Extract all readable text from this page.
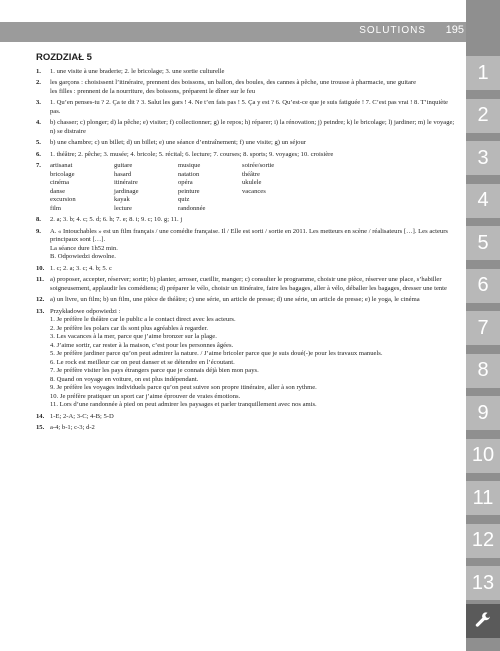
SOLUTIONS 195
1
2
3
4
5
6
7
8
9
10
11
12
13
ROZDZIAŁ 5
1.	1. une visite à une braderie; 2. le bricolage; 3. une sortie culturelle
2.	les garçons : choisissent l’itinéraire, prennent des boissons, un ballon, des boules, des cannes à pêche, une trousse à pharmacie, une guitare
les filles : prennent de la nourriture, des boissons, préparent le dîner sur le feu
3.	1. Qu’en penses-tu ? 2. Ça te dit ? 3. Salut les gars ! 4. Ne t’en fais pas ! 5. Ça y est ? 6. Qu’est-ce que je suis fatiguée ! 7. C’est pas vrai ! 8. T’inquiète pas.
4.	b) chasser; c) plonger; d) la pêche; e) visiter; f) collectionner; g) le repos; h) réparer; i) la rénovation; j) peindre; k) le bricolage; l) jardiner; m) le voyage; n) se distraire
5.	b) une chambre; c) un billet; d) un billet; e) une séance d’entraînement; f) une visite; g) un séjour
6.	1. théâtre; 2. pêche; 3. musée; 4. bricole; 5. récital; 6. lecture; 7. courses; 8. sports; 9. voyages; 10. croisière
7.	artisanat	guitare	musique	soirée/sortie
bricolage	hasard	natation	théâtre
cinéma	itinéraire	opéra	ukulele
danse	jardinage	peinture	vacances
excursion	kayak	quiz
film	lecture	randonnée
8.	2. a; 3. b; 4. c; 5. d; 6. h; 7. e; 8. i; 9. c; 10. g; 11. j
9.	A. « Intouchables » est un film français / une comédie française. Il / Elle est sorti / sortie en 2011. Les metteurs en scène / réalisateurs […]. Les acteurs principaux sont […].
La séance dure 1h52 min.
B. Odpowiedzi dowolne.
10. 1. c; 2. a; 3. c; 4. b; 5. c
11. a) proposer, accepter, réserver; sortir; b) planter, arroser, cueillir, manger; c) consulter le programme, choisir une pièce, réserver une place, s’habiller soigneusement, applaudir les comédiens; d) préparer le vélo, choisir un itinéraire, faire les bagages, aller à vélo, déballer les bagages, dresser une tente
12. a) un livre, un film; b) un film, une pièce de théâtre; c) une série, un article de presse; d) une série, un article de presse; e) le yoga, le cinéma
13. Przykładowe odpowiedzi :
1. Je préfère le théâtre car le public a le contact direct avec les acteurs.
2. Je préfère les polars car ils sont plus agréables à regarder.
3. Les vacances à la mer, parce que j’aime bronzer sur la plage.
4. J’aime sortir, car rester à la maison, c’est pour les personnes âgées.
5. Je préfère jardiner parce qu’on peut admirer la nature. / J’aime bricoler parce que je suis doué(-)e pour les travaux manuels.
6. Le rock est meilleur car on peut danser et se détendre en l’écoutant.
7. Je préfère visiter les pays étrangers parce que je connais déjà bien mon pays.
8. Quand on voyage en voiture, on est plus indépendant.
9. Je préfère les voyages individuels parce qu’on peut suivre son propre itinéraire, aller à son rythme.
10. Je préfère pratiquer un sport car j’aime éprouver de vraies émotions.
11. Lors d’une randonnée à pied on peut admirer les paysages et parler tranquillement avec nos amis.
14. 1-E; 2-A; 3-C; 4-B; 5-D
15. a-4; b-1; c-3; d-2
